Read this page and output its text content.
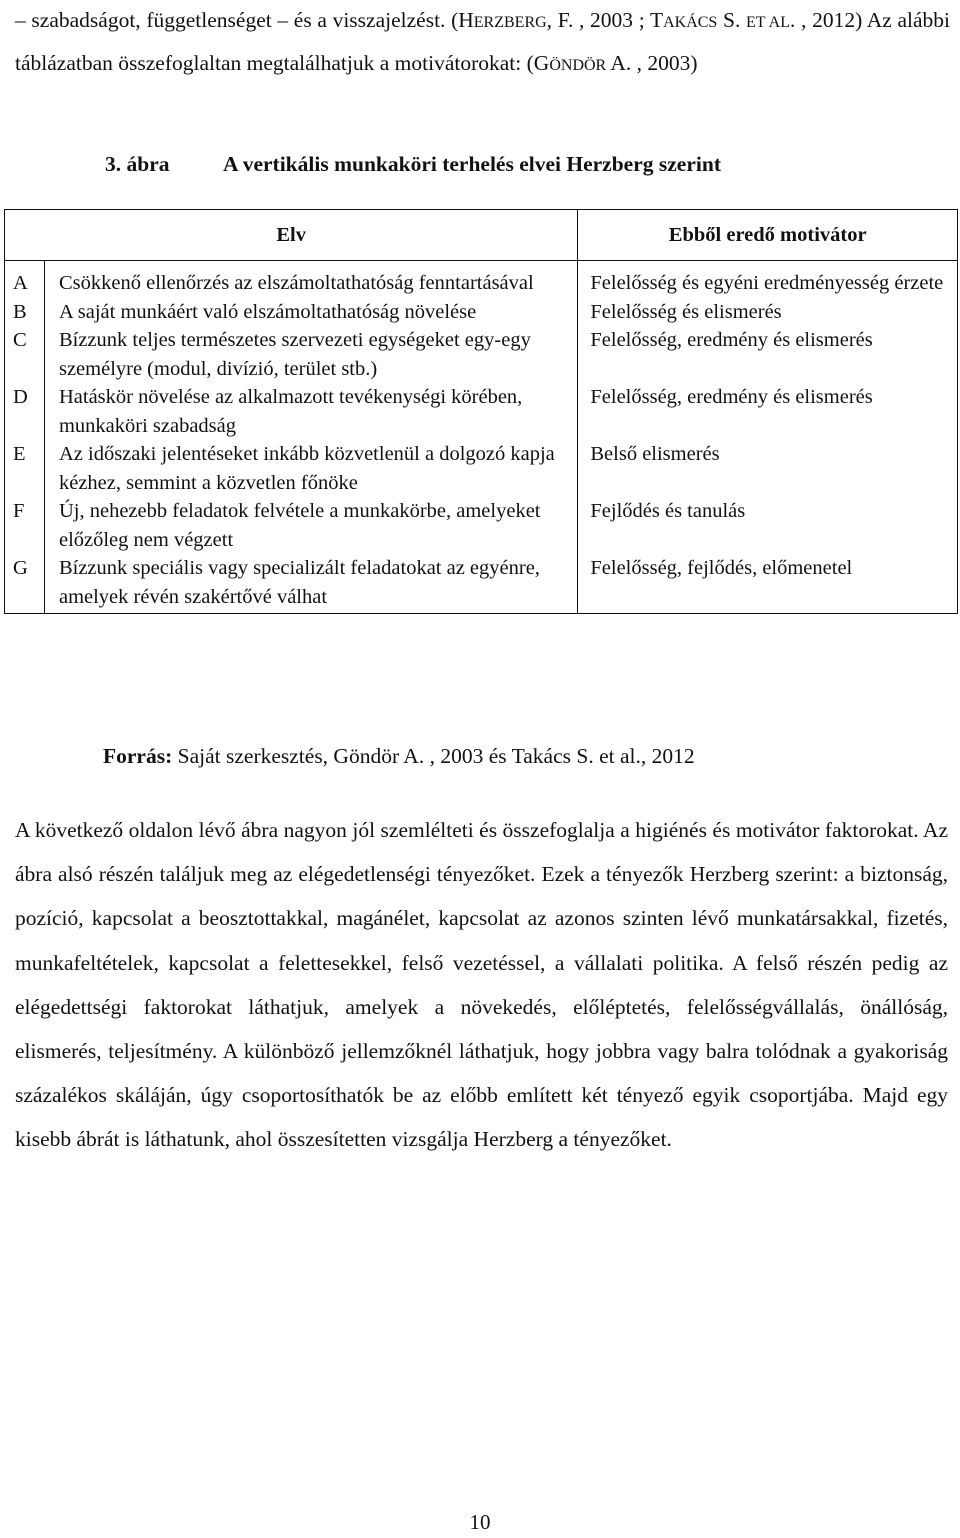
– szabadságot, függetlenséget – és a visszajelzést. (HERZBERG, F. , 2003 ; TAKÁCS S. ET AL. , 2012) Az alábbi táblázatban összefoglaltan megtalálhatjuk a motivátorokat: (GÖNDÖR A. , 2003)
3. ábra A vertikális munkaköri terhelés elvei Herzberg szerint
Elv		Ebből eredő motivátor
A	Csökkenő ellenőrzés az elszámoltathatóság fenntartásával	Felelősség és egyéni eredményesség érzete
B	A saját munkáért való elszámoltathatóság növelése	Felelősség és elismerés
C	Bízzunk teljes természetes szervezeti egységeket egy-egy személyre (modul, divízió, terület stb.)	Felelősség, eredmény és elismerés
D	Hatáskör növelése az alkalmazott tevékenységi körében, munkaköri szabadság	Felelősség, eredmény és elismerés
E	Az időszaki jelentéseket inkább közvetlenül a dolgozó kapja kézhez, semmint a közvetlen főnöke	Belső elismerés
F	Új, nehezebb feladatok felvétele a munkakörbe, amelyeket előzőleg nem végzett	Fejlődés és tanulás
G	Bízzunk speciális vagy specializált feladatokat az egyénre, amelyek révén szakértővé válhat	Felelősség, fejlődés, előmenetel
Forrás: Saját szerkesztés, Göndör A. , 2003 és Takács S. et al., 2012
A következő oldalon lévő ábra nagyon jól szemlélteti és összefoglalja a higiénés és motivátor faktorokat. Az ábra alsó részén találjuk meg az elégedetlenségi tényezőket. Ezek a tényezők Herzberg szerint: a biztonság, pozíció, kapcsolat a beosztottakkal, magánélet, kapcsolat az azonos szinten lévő munkatársakkal, fizetés, munkafeltételek, kapcsolat a felettesekkel, felső vezetéssel, a vállalati politika. A felső részén pedig az elégedettségi faktorokat láthatjuk, amelyek a növekedés, előléptetés, felelősségvállalás, önállóság, elismerés, teljesítmény. A különböző jellemzőknél láthatjuk, hogy jobbra vagy balra tolódnak a gyakoriság százalékos skáláján, úgy csoportosíthatók be az előbb említett két tényező egyik csoportjába. Majd egy kisebb ábrát is láthatunk, ahol összesítetten vizsgálja Herzberg a tényezőket.
10
